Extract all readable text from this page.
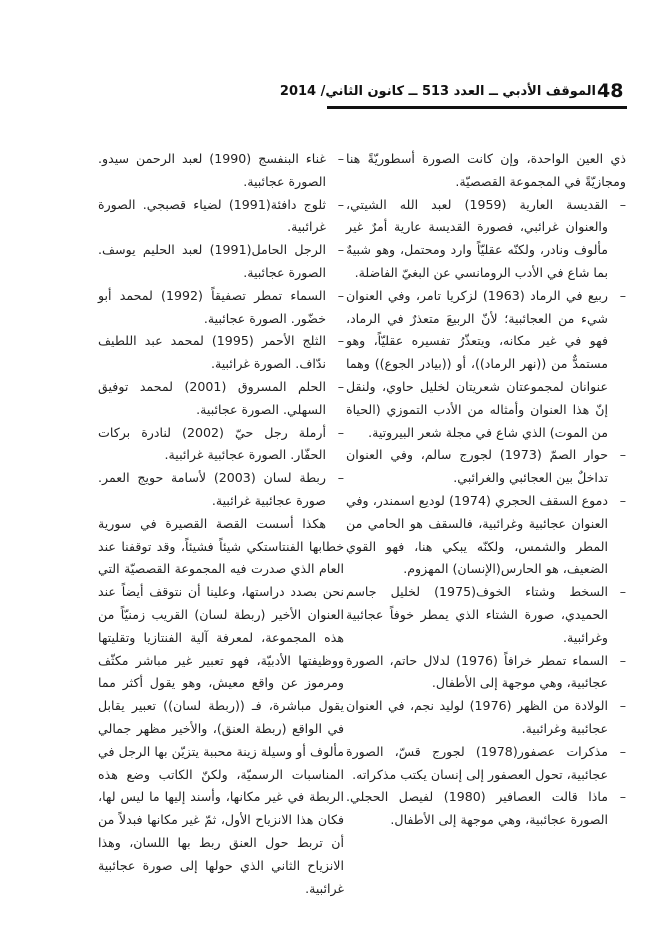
48
الموقف الأدبي ــ العدد 513 ــ كانون الثاني/ 2014

ذي العين الواحدة، وإن كانت الصورة أسطوريّةً هنا ومجازيّةً في المجموعة القصصيّة.

–
القديسة العارية (1959) لعبد الله الشيتي، والعنوان غرائبي، فصورة القديسة عارية أمرٌ غير مألوف ونادر، ولكنّه عقليّاً وارد ومحتمل، وهو شبيهٌ بما شاع في الأدب الرومانسي عن البغيّ الفاضلة.

–
ربيع في الرماد (1963) لزكريا تامر، وفي العنوان شيء من العجائبية؛ لأنّ الربيعَ متعذرٌ في الرماد، فهو في غير مكانه، ويتعذّرُ تفسيره عقليّاً، وهو مستمدٌّ من ((نهر الرماد))، أو ((بيادر الجوع)) وهما عنوانان لمجموعتان شعريتان لخليل حاوي، ولنقل إنّ هذا العنوان وأمثاله من الأدب التموزي (الحياة من الموت) الذي شاع في مجلة شعر البيروتية.

–
حوار الصمّ (1973) لجورج سالم، وفي العنوان تداخلٌ بين العجائبي والغرائبي.

–
دموع السقف الحجري (1974) لوديع اسمندر، وفي العنوان عجائبية وغرائبية، فالسقف هو الحامي من المطر والشمس، ولكنّه يبكي هنا، فهو القوي الضعيف، هو الحارس(الإنسان) المهزوم.

–
السخط وشتاء الخوف(1975) لخليل جاسم الحميدي، صورة الشتاء الذي يمطر خوفاً عجائبية وغرائبية.

–
السماء تمطر خرافاً (1976) لدلال حاتم، الصورة عجائبية، وهي موجهة إلى الأطفال.

–
الولادة من الظهر (1976) لوليد نجم، في العنوان عجائبية وغرائبية.

–
مذكرات عصفور(1978) لجورج قسّ، الصورة عجائبية، تحول العصفور إلى إنسان يكتب مذكراته.

–
ماذا قالت العصافير (1980) لفيصل الحجلي. الصورة عجائبية، وهي موجهة إلى الأطفال.

–
غناء البنفسج (1990) لعبد الرحمن سيدو. الصورة عجائبية.

–
ثلوج دافئة(1991) لضياء قصبجي. الصورة غرائبية.

–
الرجل الحامل(1991) لعبد الحليم يوسف. الصورة عجائبية.

–
السماء تمطر تصفيقاً (1992) لمحمد أبو خضّور. الصورة عجائبية.

–
الثلج الأحمر (1995) لمحمد عبد اللطيف ندّاف. الصورة غرائبية.

–
الحلم المسروق (2001) لمحمد توفيق السهلي. الصورة عجائبية.

–
أرملة رجل حيّ (2002) لنادرة بركات الحفّار. الصورة عجائبية غرائبية.

–
ربطة لسان (2003) لأسامة حويج العمر. صورة عجائبية غرائبية.

هكذا أسست القصة القصيرة في سورية خطابها الفنتاستكي شيئاً فشيئاً، وقد توقفنا عند العام الذي صدرت فيه المجموعة القصصيّة التي نحن بصدد دراستها، وعلينا أن نتوقف أيضاً عند العنوان الأخير (ربطة لسان) القريب زمنيّاً من هذه المجموعة، لمعرفة آلية الفنتازيا وتقليتها ووظيفتها الأدبيّة، فهو تعبير غير مباشر مكثّف ومرموز عن واقع معيش، وهو يقول أكثر مما يقول مباشرة، فـ ((ربطة لسان)) تعبير يقابل في الواقع (ربطة العنق)، والأخير مظهر جمالي مألوف أو وسيلة زينة محببة يتزيّن بها الرجل في المناسبات الرسميّة، ولكنّ الكاتب وضع هذه الربطة في غير مكانها، وأسند إليها ما ليس لها، فكان هذا الانزياح الأول، ثمّ غير مكانها فبدلاً من أن تربط حول العنق ربط بها اللسان، وهذا الانزياح الثاني الذي حولها إلى صورة عجائبية غرائبية.
